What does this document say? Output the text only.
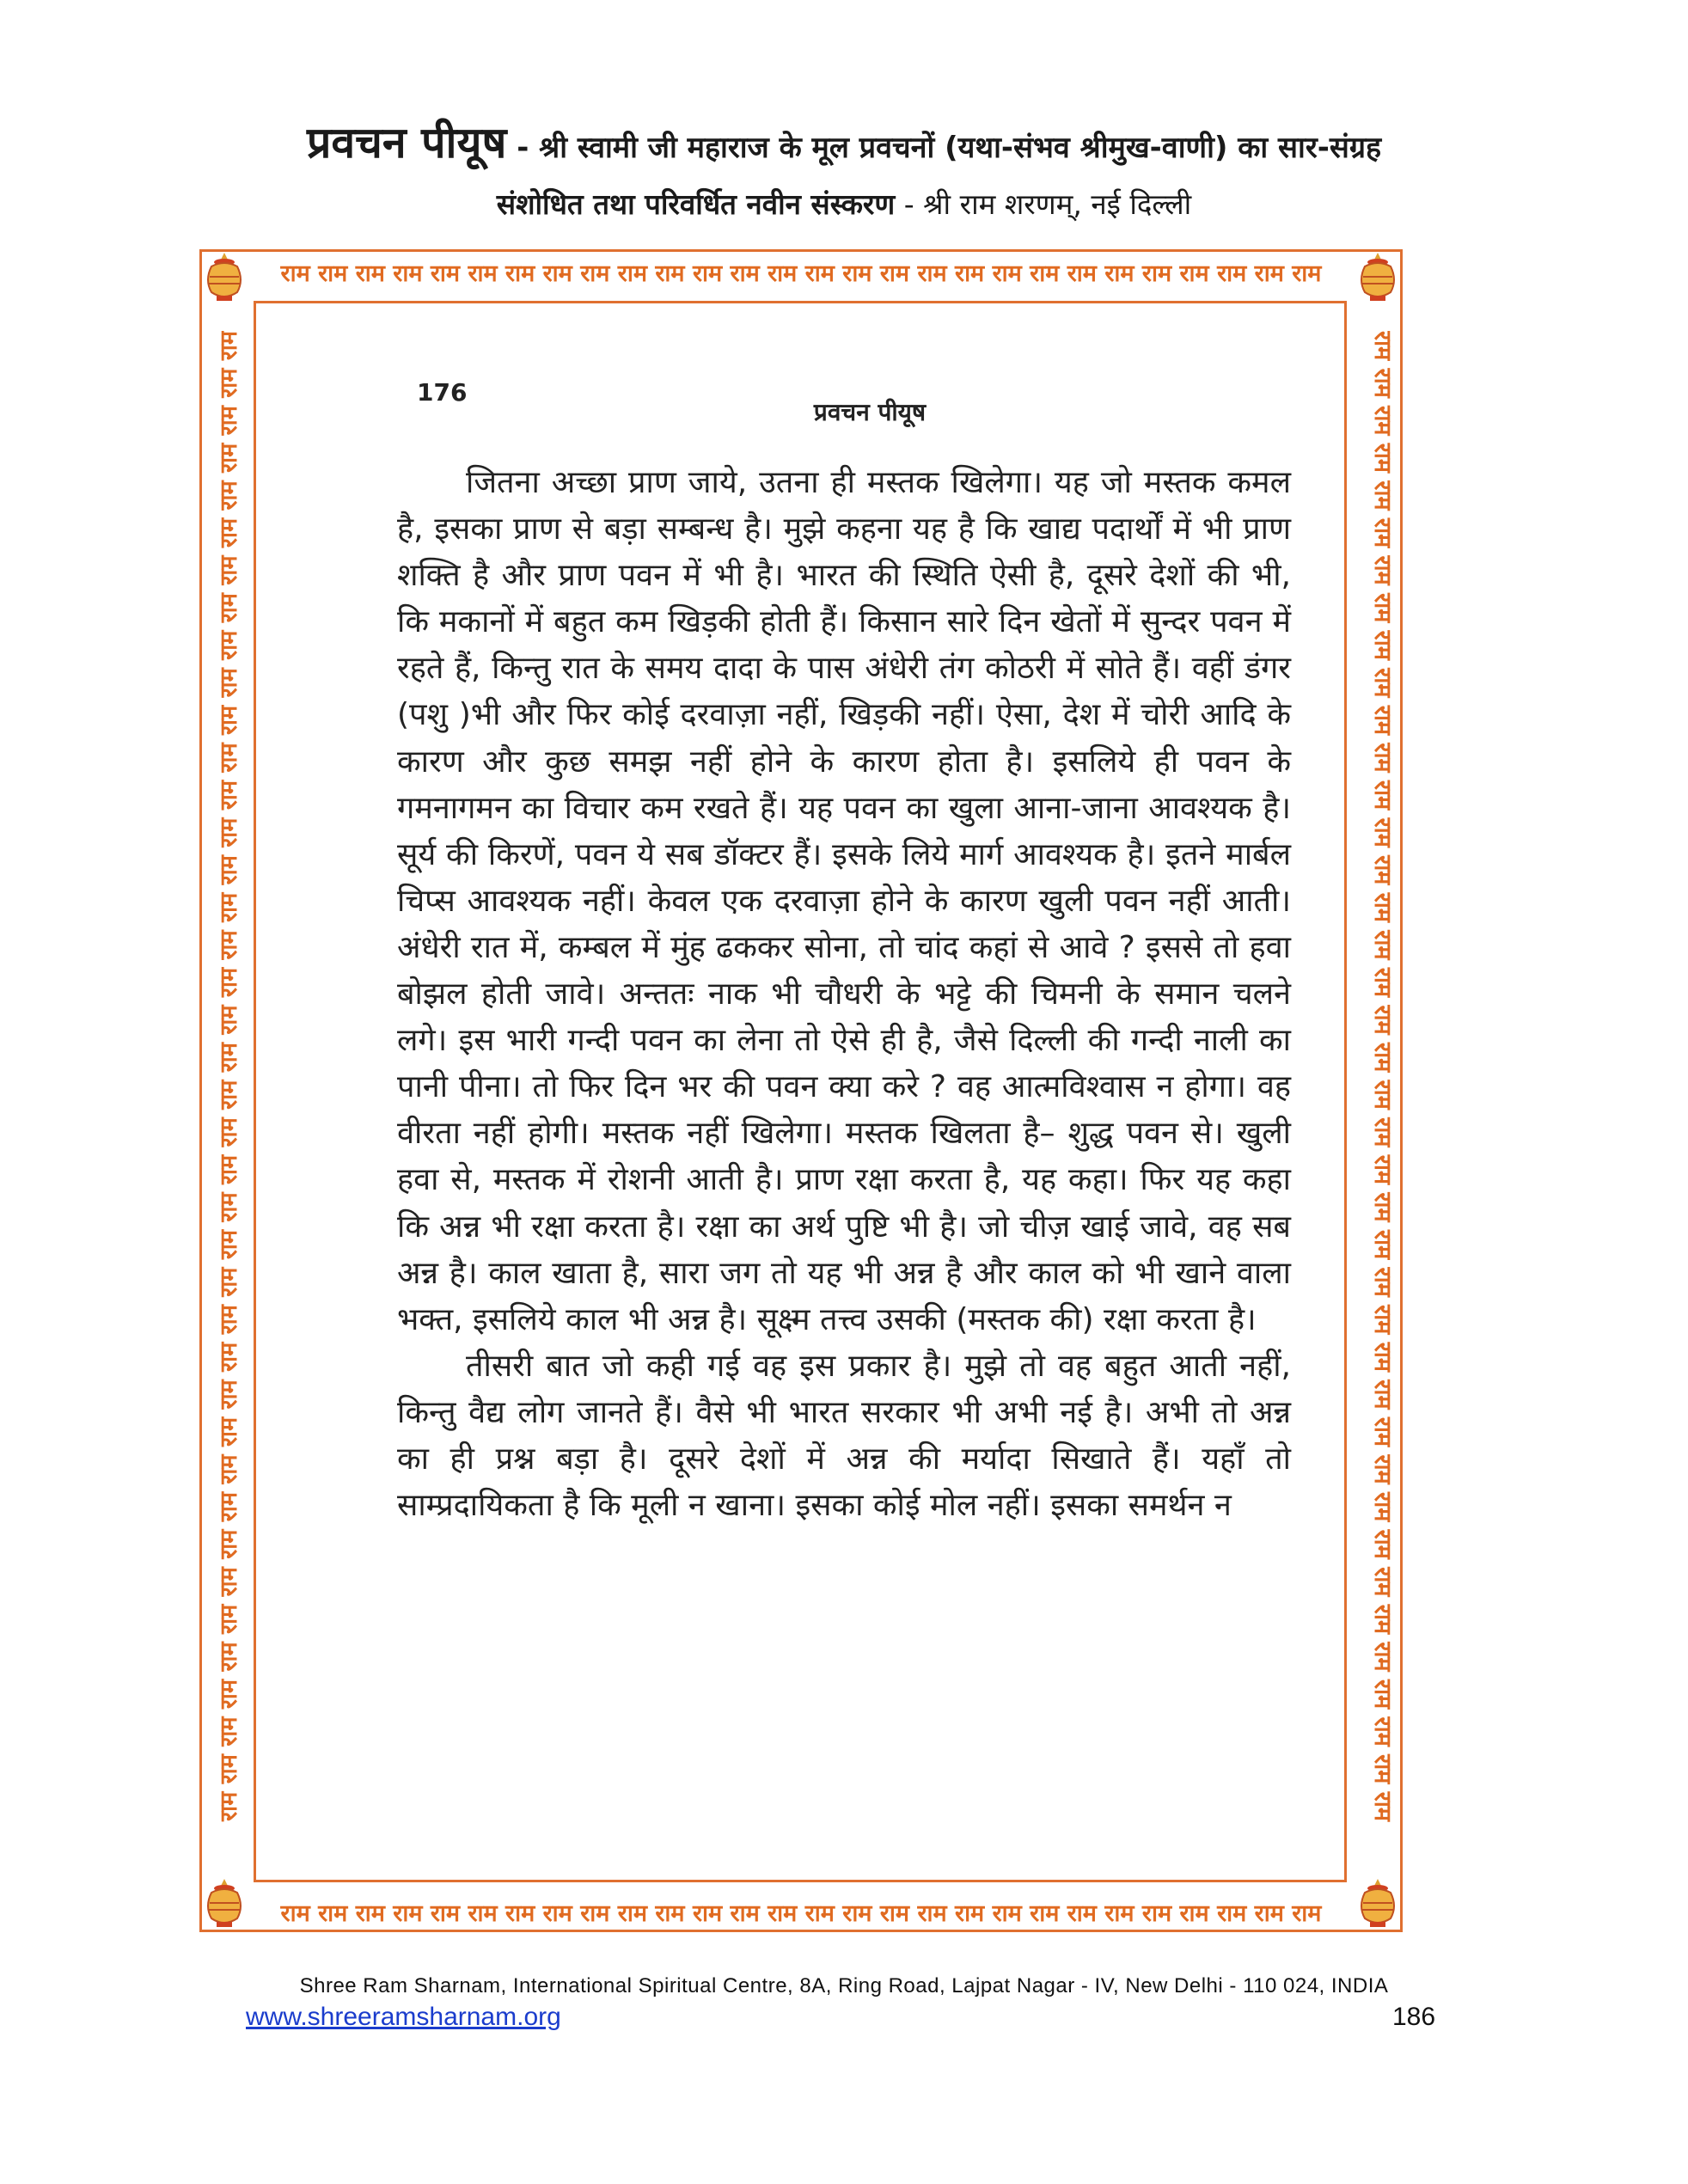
प्रवचन पीयूष - श्री स्वामी जी महाराज के मूल प्रवचनों (यथा-संभव श्रीमुख-वाणी) का सार-संग्रह
संशोधित तथा परिवर्धित नवीन संस्करण - श्री राम शरणम्, नई दिल्ली
राम राम राम राम राम राम राम राम राम राम राम राम राम राम राम राम राम राम राम राम राम राम राम राम राम राम राम राम
राम राम राम राम राम राम राम राम राम राम राम राम राम राम राम राम राम राम राम राम राम राम राम राम राम राम राम राम
राम राम राम राम राम राम राम राम राम राम राम राम राम राम राम राम राम राम राम राम राम राम राम राम राम राम राम राम राम राम राम राम राम राम राम राम राम राम राम राम	राम राम राम राम राम राम राम राम राम राम राम राम राम राम राम राम राम राम राम राम राम राम राम राम राम राम राम राम राम राम राम राम राम राम राम राम राम राम राम राम
176
प्रवचन पीयूष

जितना अच्छा प्राण जाये, उतना ही मस्तक खिलेगा। यह जो मस्तक कमल है, इसका प्राण से बड़ा सम्बन्ध है। मुझे कहना यह है कि खाद्य पदार्थों में भी प्राण शक्ति है और प्राण पवन में भी है। भारत की स्थिति ऐसी है, दूसरे देशों की भी, कि मकानों में बहुत कम खिड़की होती हैं। किसान सारे दिन खेतों में सुन्दर पवन में रहते हैं, किन्तु रात के समय दादा के पास अंधेरी तंग कोठरी में सोते हैं। वहीं डंगर (पशु )भी और फिर कोई दरवाज़ा नहीं, खिड़की नहीं। ऐसा, देश में चोरी आदि के कारण और कुछ समझ नहीं होने के कारण होता है। इसलिये ही पवन के गमनागमन का विचार कम रखते हैं। यह पवन का खुला आना-जाना आवश्यक है। सूर्य की किरणें, पवन ये सब डॉक्टर हैं। इसके लिये मार्ग आवश्यक है। इतने मार्बल चिप्स आवश्यक नहीं। केवल एक दरवाज़ा होने के कारण खुली पवन नहीं आती। अंधेरी रात में, कम्बल में मुंह ढककर सोना, तो चांद कहां से आवे ? इससे तो हवा बोझल होती जावे। अन्ततः नाक भी चौधरी के भट्टे की चिमनी के समान चलने लगे। इस भारी गन्दी पवन का लेना तो ऐसे ही है, जैसे दिल्ली की गन्दी नाली का पानी पीना। तो फिर दिन भर की पवन क्या करे ? वह आत्मविश्वास न होगा। वह वीरता नहीं होगी। मस्तक नहीं खिलेगा। मस्तक खिलता है– शुद्ध पवन से। खुली हवा से, मस्तक में रोशनी आती है। प्राण रक्षा करता है, यह कहा। फिर यह कहा कि अन्न भी रक्षा करता है। रक्षा का अर्थ पुष्टि भी है। जो चीज़ खाई जावे, वह सब अन्न है। काल खाता है, सारा जग तो यह भी अन्न है और काल को भी खाने वाला भक्त, इसलिये काल भी अन्न है। सूक्ष्म तत्त्व उसकी (मस्तक की) रक्षा करता है।

तीसरी बात जो कही गई वह इस प्रकार है। मुझे तो वह बहुत आती नहीं, किन्तु वैद्य लोग जानते हैं। वैसे भी भारत सरकार भी अभी नई है। अभी तो अन्न का ही प्रश्न बड़ा है। दूसरे देशों में अन्न की मर्यादा सिखाते हैं। यहाँ तो साम्प्रदायिकता है कि मूली न खाना। इसका कोई मोल नहीं। इसका समर्थन न

Shree Ram Sharnam, International Spiritual Centre, 8A, Ring Road, Lajpat Nagar - IV, New Delhi - 110 024, INDIA
www.shreeramsharnam.org	186
